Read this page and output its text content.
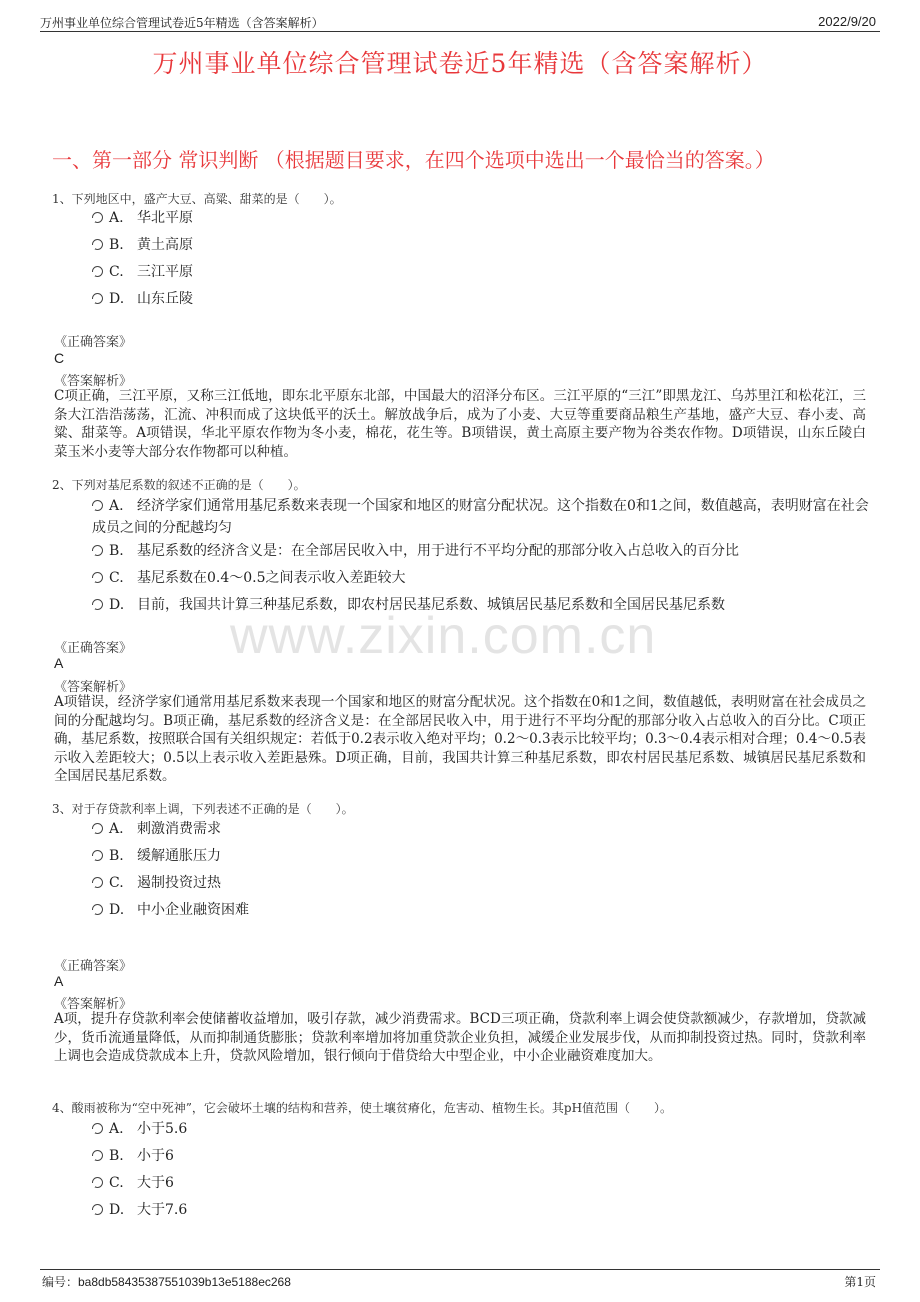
万州事业单位综合管理试卷近5年精选（含答案解析）	2022/9/20
万州事业单位综合管理试卷近5年精选（含答案解析）
一、第一部分 常识判断 （根据题目要求，在四个选项中选出一个最恰当的答案。）
www.zixin.com.cn
1、下列地区中，盛产大豆、高粱、甜菜的是（　　）。
A. 华北平原
B. 黄土高原
C. 三江平原
D. 山东丘陵
《正确答案》
C
《答案解析》
C项正确，三江平原，又称三江低地，即东北平原东北部，中国最大的沼泽分布区。三江平原的“三江”即黑龙江、乌苏里江和松花江，三条大江浩浩荡荡，汇流、冲积而成了这块低平的沃土。解放战争后，成为了小麦、大豆等重要商品粮生产基地，盛产大豆、春小麦、高粱、甜菜等。A项错误，华北平原农作物为冬小麦，棉花，花生等。B项错误，黄土高原主要产物为谷类农作物。D项错误，山东丘陵白菜玉米小麦等大部分农作物都可以种植。
2、下列对基尼系数的叙述不正确的是（　　）。
A. 经济学家们通常用基尼系数来表现一个国家和地区的财富分配状况。这个指数在0和1之间，数值越高，表明财富在社会成员之间的分配越均匀
B. 基尼系数的经济含义是：在全部居民收入中，用于进行不平均分配的那部分收入占总收入的百分比
C. 基尼系数在0.4～0.5之间表示收入差距较大
D. 目前，我国共计算三种基尼系数，即农村居民基尼系数、城镇居民基尼系数和全国居民基尼系数
《正确答案》
A
《答案解析》
A项错误，经济学家们通常用基尼系数来表现一个国家和地区的财富分配状况。这个指数在0和1之间，数值越低，表明财富在社会成员之间的分配越均匀。B项正确，基尼系数的经济含义是：在全部居民收入中，用于进行不平均分配的那部分收入占总收入的百分比。C项正确，基尼系数，按照联合国有关组织规定：若低于0.2表示收入绝对平均；0.2～0.3表示比较平均；0.3～0.4表示相对合理；0.4～0.5表示收入差距较大；0.5以上表示收入差距悬殊。D项正确，目前，我国共计算三种基尼系数，即农村居民基尼系数、城镇居民基尼系数和全国居民基尼系数。
3、对于存贷款利率上调，下列表述不正确的是（　　）。
A. 刺激消费需求
B. 缓解通胀压力
C. 遏制投资过热
D. 中小企业融资困难
《正确答案》
A
《答案解析》
A项，提升存贷款利率会使储蓄收益增加，吸引存款，减少消费需求。BCD三项正确，贷款利率上调会使贷款额减少，存款增加，贷款减少，货币流通量降低，从而抑制通货膨胀；贷款利率增加将加重贷款企业负担，减缓企业发展步伐，从而抑制投资过热。同时，贷款利率上调也会造成贷款成本上升，贷款风险增加，银行倾向于借贷给大中型企业，中小企业融资难度加大。
4、酸雨被称为“空中死神”，它会破坏土壤的结构和营养，使土壤贫瘠化，危害动、植物生长。其pH值范围（　　）。
A. 小于5.6
B. 小于6
C. 大于6
D. 大于7.6
编号：ba8db58435387551039b13e5188ec268	第1页
